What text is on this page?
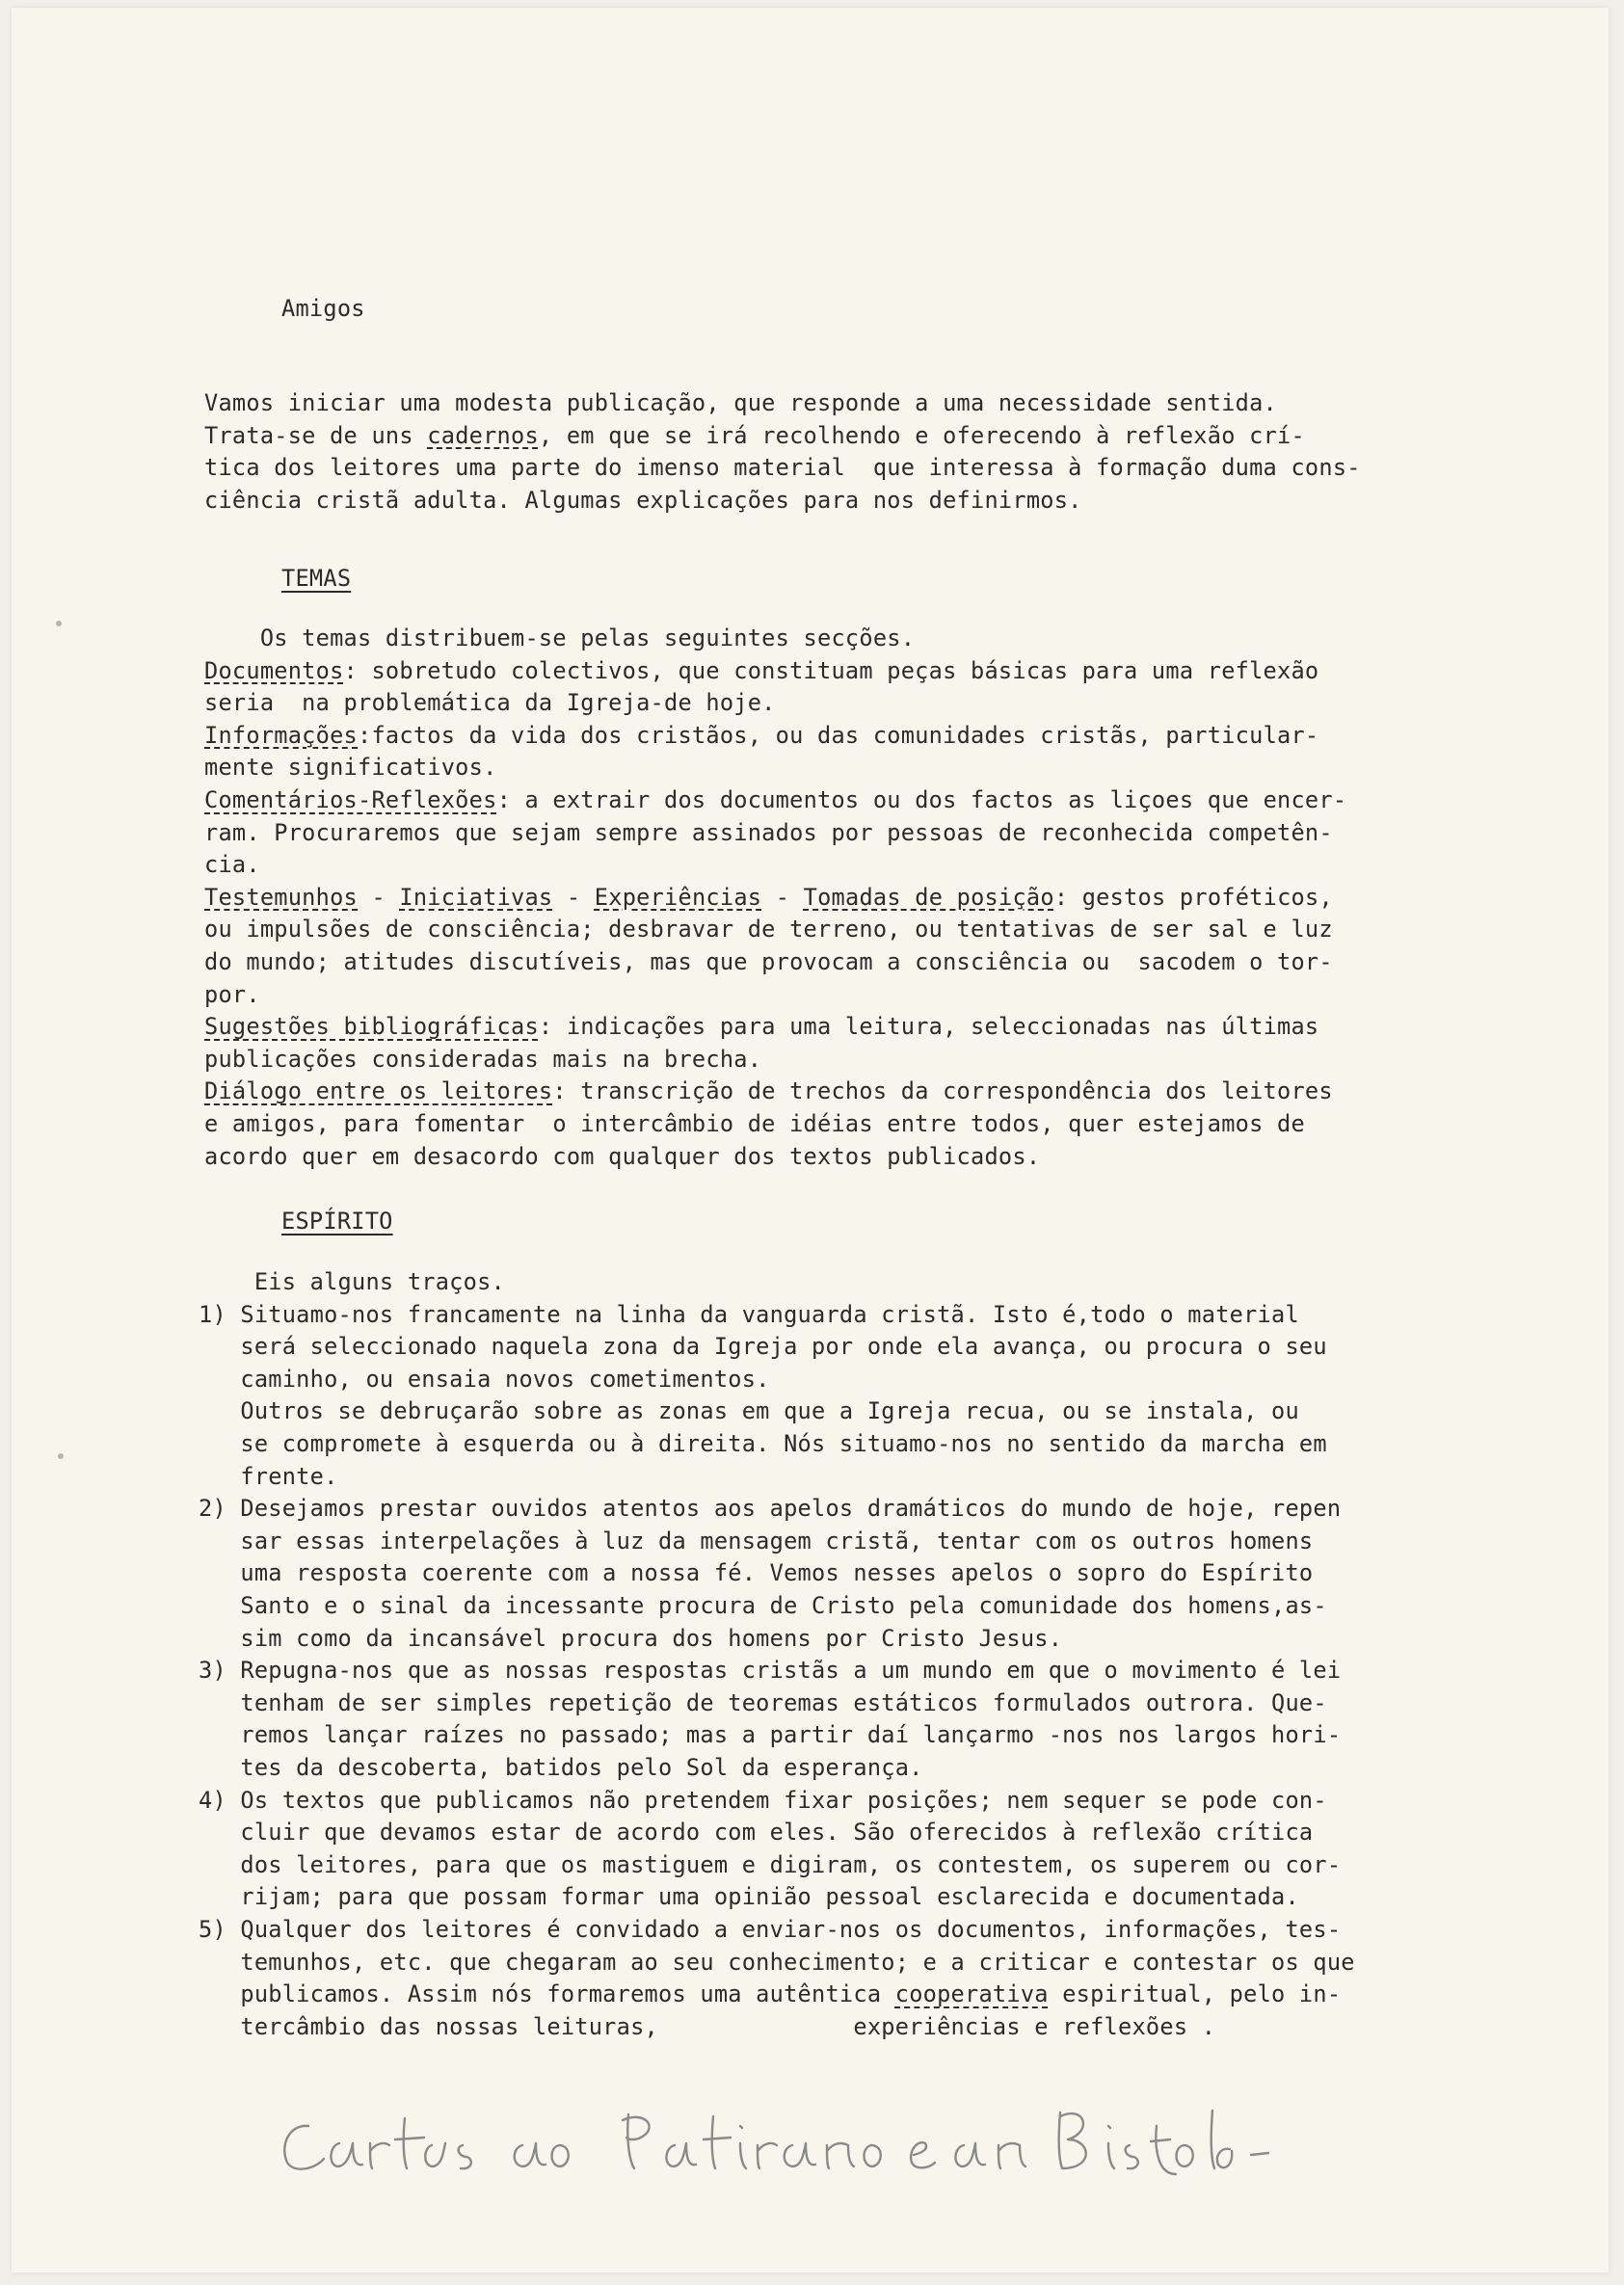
Amigos
Vamos iniciar uma modesta publicação, que responde a uma necessidade sentida.
Trata-se de uns cadernos, em que se irá recolhendo e oferecendo à reflexão crí-
tica dos leitores uma parte do imenso material  que interessa à formação duma cons-
ciência cristã adulta. Algumas explicações para nos definirmos.
TEMAS
Os temas distribuem-se pelas seguintes secções.
Documentos: sobretudo colectivos, que constituam peças básicas para uma reflexão
seria  na problemática da Igreja-de hoje.
Informações:factos da vida dos cristãos, ou das comunidades cristãs, particular-
mente significativos.
Comentários-Reflexões: a extrair dos documentos ou dos factos as liçoes que encer-
ram. Procuraremos que sejam sempre assinados por pessoas de reconhecida competên-
cia.
Testemunhos - Iniciativas - Experiências - Tomadas de posição: gestos proféticos,
ou impulsões de consciência; desbravar de terreno, ou tentativas de ser sal e luz
do mundo; atitudes discutíveis, mas que provocam a consciência ou  sacodem o tor-
por.
Sugestões bibliográficas: indicações para uma leitura, seleccionadas nas últimas
publicações consideradas mais na brecha.
Diálogo entre os leitores: transcrição de trechos da correspondência dos leitores
e amigos, para fomentar  o intercâmbio de idéias entre todos, quer estejamos de
acordo quer em desacordo com qualquer dos textos publicados.
ESPÍRITO
Eis alguns traços.
1) Situamo-nos francamente na linha da vanguarda cristã. Isto é,todo o material
será seleccionado naquela zona da Igreja por onde ela avança, ou procura o seu
caminho, ou ensaia novos cometimentos.
Outros se debruçarão sobre as zonas em que a Igreja recua, ou se instala, ou
se compromete à esquerda ou à direita. Nós situamo-nos no sentido da marcha em
frente.
2) Desejamos prestar ouvidos atentos aos apelos dramáticos do mundo de hoje, repen
sar essas interpelações à luz da mensagem cristã, tentar com os outros homens
uma resposta coerente com a nossa fé. Vemos nesses apelos o sopro do Espírito
Santo e o sinal da incessante procura de Cristo pela comunidade dos homens,as-
sim como da incansável procura dos homens por Cristo Jesus.
3) Repugna-nos que as nossas respostas cristãs a um mundo em que o movimento é lei
tenham de ser simples repetição de teoremas estáticos formulados outrora. Que-
remos lançar raízes no passado; mas a partir daí lançarmo -nos nos largos hori-
tes da descoberta, batidos pelo Sol da esperança.
4) Os textos que publicamos não pretendem fixar posições; nem sequer se pode con-
cluir que devamos estar de acordo com eles. São oferecidos à reflexão crítica
dos leitores, para que os mastiguem e digiram, os contestem, os superem ou cor-
rijam; para que possam formar uma opinião pessoal esclarecida e documentada.
5) Qualquer dos leitores é convidado a enviar-nos os documentos, informações, tes-
temunhos, etc. que chegaram ao seu conhecimento; e a criticar e contestar os que
publicamos. Assim nós formaremos uma autêntica cooperativa espiritual, pelo in-
tercâmbio das nossas leituras,              experiências e reflexões .
